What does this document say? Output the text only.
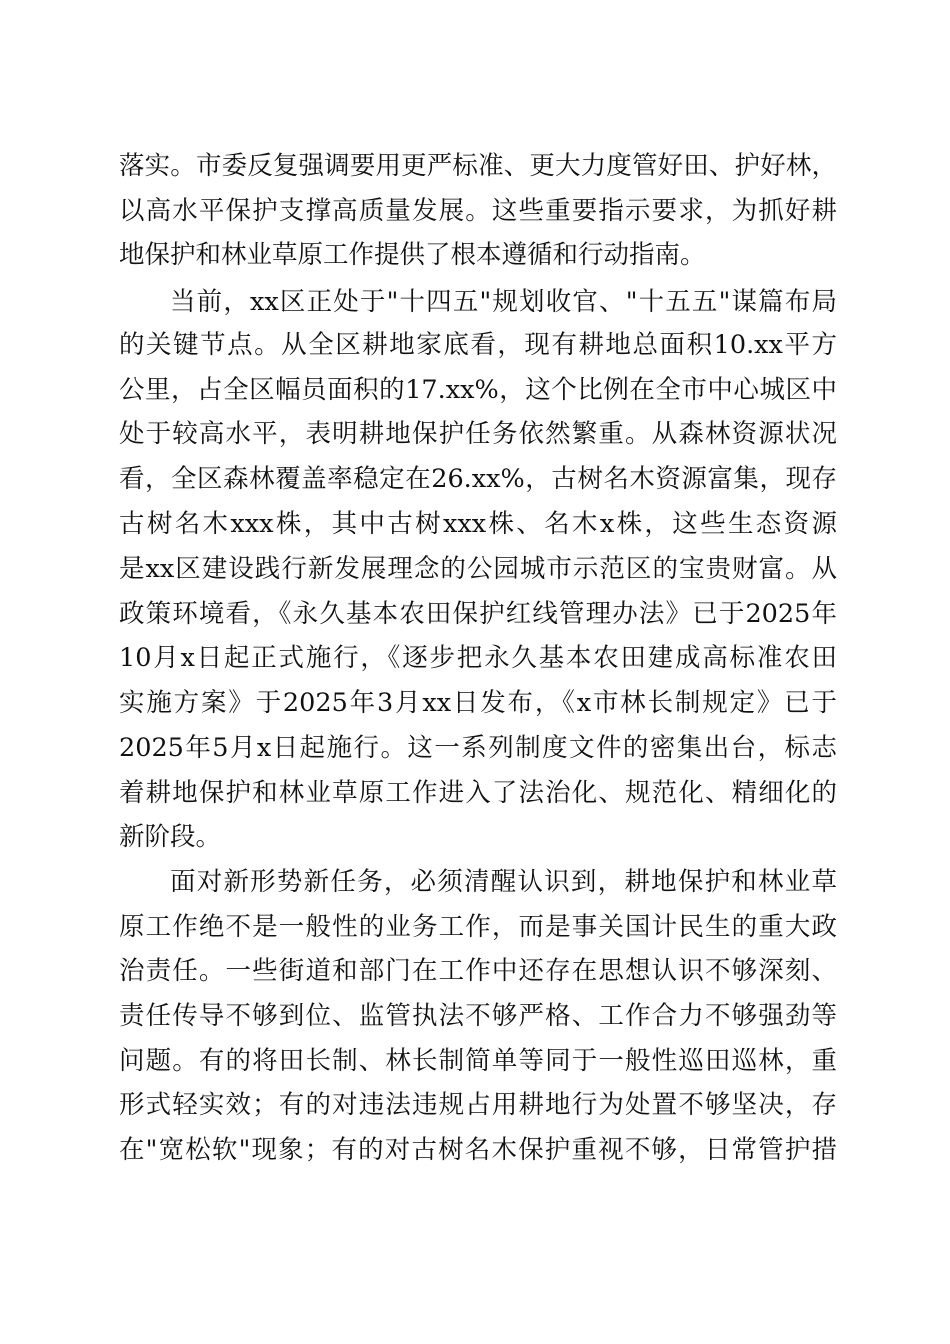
落实。市委反复强调要用更严标准、更大力度管好田、护好林，
以高水平保护支撑高质量发展。这些重要指示要求，为抓好耕
地保护和林业草原工作提供了根本遵循和行动指南。
当前，xx区正处于"十四五"规划收官、"十五五"谋篇布局
的关键节点。从全区耕地家底看，现有耕地总面积10.xx平方
公里，占全区幅员面积的17.xx%，这个比例在全市中心城区中
处于较高水平，表明耕地保护任务依然繁重。从森林资源状况
看，全区森林覆盖率稳定在26.xx%，古树名木资源富集，现存
古树名木xxx株，其中古树xxx株、名木x株，这些生态资源
是xx区建设践行新发展理念的公园城市示范区的宝贵财富。从
政策环境看，《永久基本农田保护红线管理办法》已于2025年
10月x日起正式施行，《逐步把永久基本农田建成高标准农田
实施方案》于2025年3月xx日发布，《x市林长制规定》已于
2025年5月x日起施行。这一系列制度文件的密集出台，标志
着耕地保护和林业草原工作进入了法治化、规范化、精细化的
新阶段。
面对新形势新任务，必须清醒认识到，耕地保护和林业草
原工作绝不是一般性的业务工作，而是事关国计民生的重大政
治责任。一些街道和部门在工作中还存在思想认识不够深刻、
责任传导不够到位、监管执法不够严格、工作合力不够强劲等
问题。有的将田长制、林长制简单等同于一般性巡田巡林，重
形式轻实效；有的对违法违规占用耕地行为处置不够坚决，存
在"宽松软"现象；有的对古树名木保护重视不够，日常管护措
